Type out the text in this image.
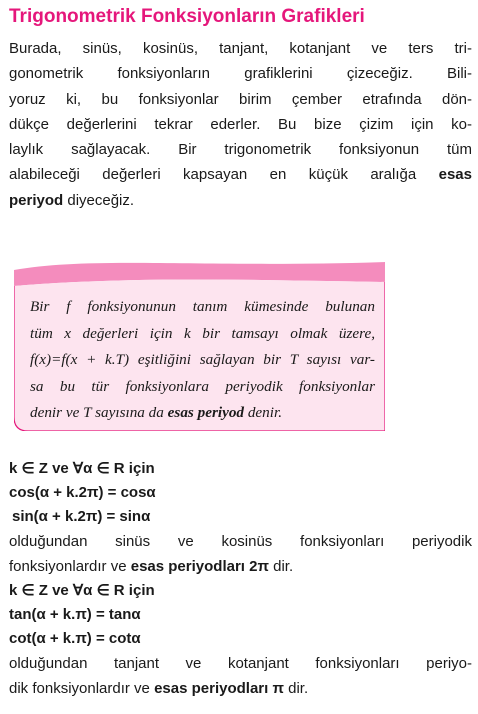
Trigonometrik Fonksiyonların Grafikleri
Burada, sinüs, kosinüs, tanjant, kotanjant ve ters tri-
gonometrik fonksiyonların grafiklerini çizeceğiz. Bili-
yoruz ki, bu fonksiyonlar birim çember etrafında dön-
dükçe değerlerini tekrar ederler. Bu bize çizim için ko-
laylık sağlayacak. Bir trigonometrik fonksiyonun tüm
alabileceği değerleri kapsayan en küçük aralığa esas
periyod diyeceğiz.
Bir f fonksiyonunun tanım kümesinde bulunan
tüm x değerleri için k bir tamsayı olmak üzere,
f(x)=f(x + k.T) eşitliğini sağlayan bir T sayısı var-
sa bu tür fonksiyonlara periyodik fonksiyonlar
denir ve T sayısına da esas periyod denir.
k ∈ Z ve ∀α ∈ R için
cos(α + k.2π) = cosα
sin(α + k.2π) = sinα
olduğundan sinüs ve kosinüs fonksiyonları periyodik
fonksiyonlardır ve esas periyodları 2π dir.
k ∈ Z ve ∀α ∈ R için
tan(α + k.π) = tanα
cot(α + k.π) = cotα
olduğundan tanjant ve kotanjant fonksiyonları periyo-
dik fonksiyonlardır ve esas periyodları π dir.
